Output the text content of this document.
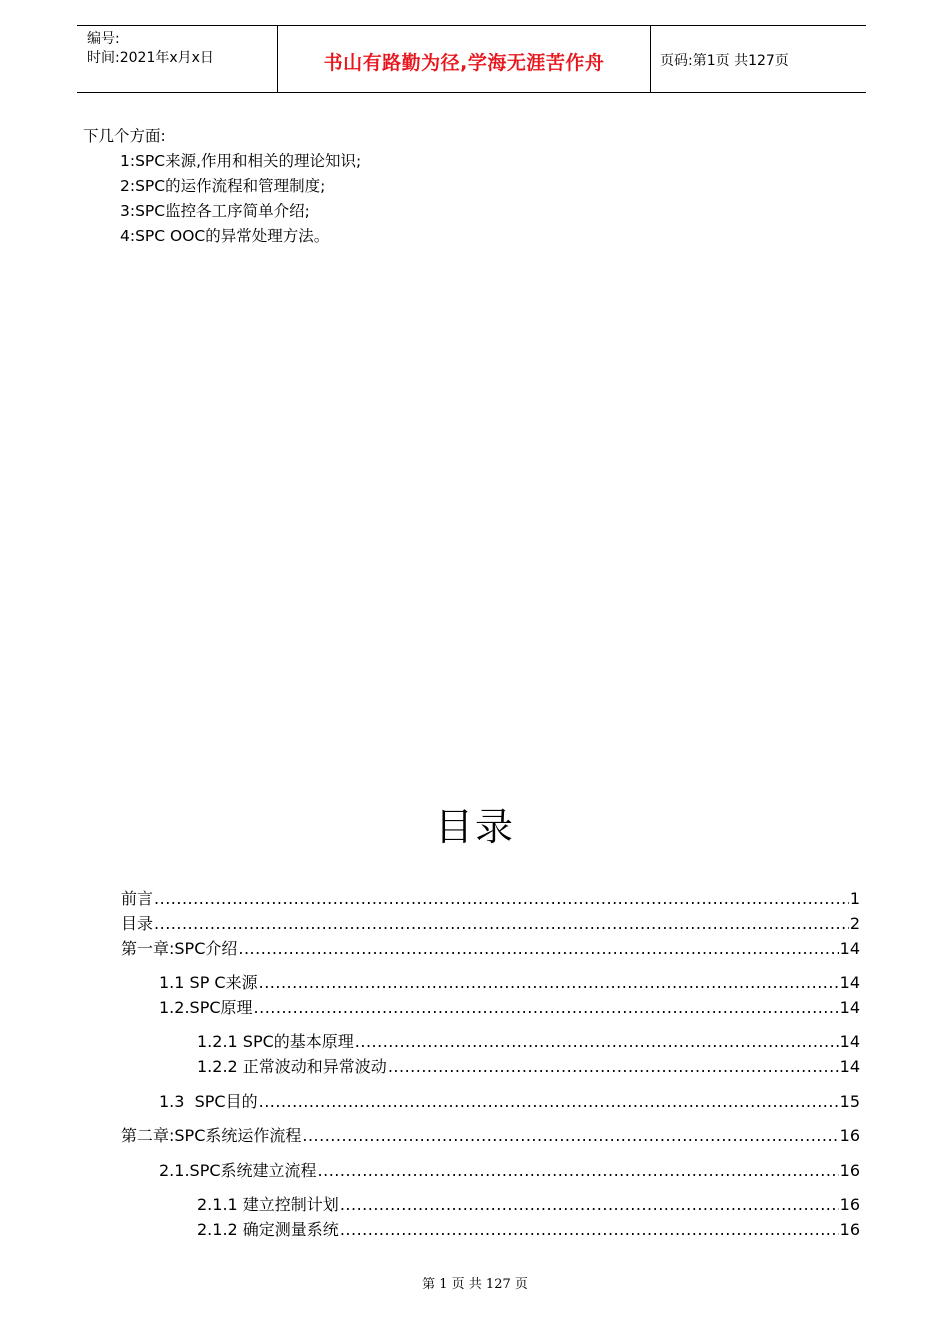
编号:
时间:2021年x月x日	书山有路勤为径,学海无涯苦作舟	页码:第1页 共127页
下几个方面:
1:SPC来源,作用和相关的理论知识;
2:SPC的运作流程和管理制度;
3:SPC监控各工序简单介绍;
4:SPC OOC的异常处理方法。
目录
前言 .....	1
目录 .....	2
第一章:SPC介绍 .....	14
1.1 SP C来源 .....	14
1.2.SPC原理 .....	14
1.2.1 SPC的基本原理 .....	14
1.2.2 正常波动和异常波动 .....	14
1.3  SPC目的 .....	15
第二章:SPC系统运作流程 .....	16
2.1.SPC系统建立流程 .....	16
2.1.1 建立控制计划 .....	16
2.1.2 确定测量系统 .....	16
第 1 页 共 127 页
